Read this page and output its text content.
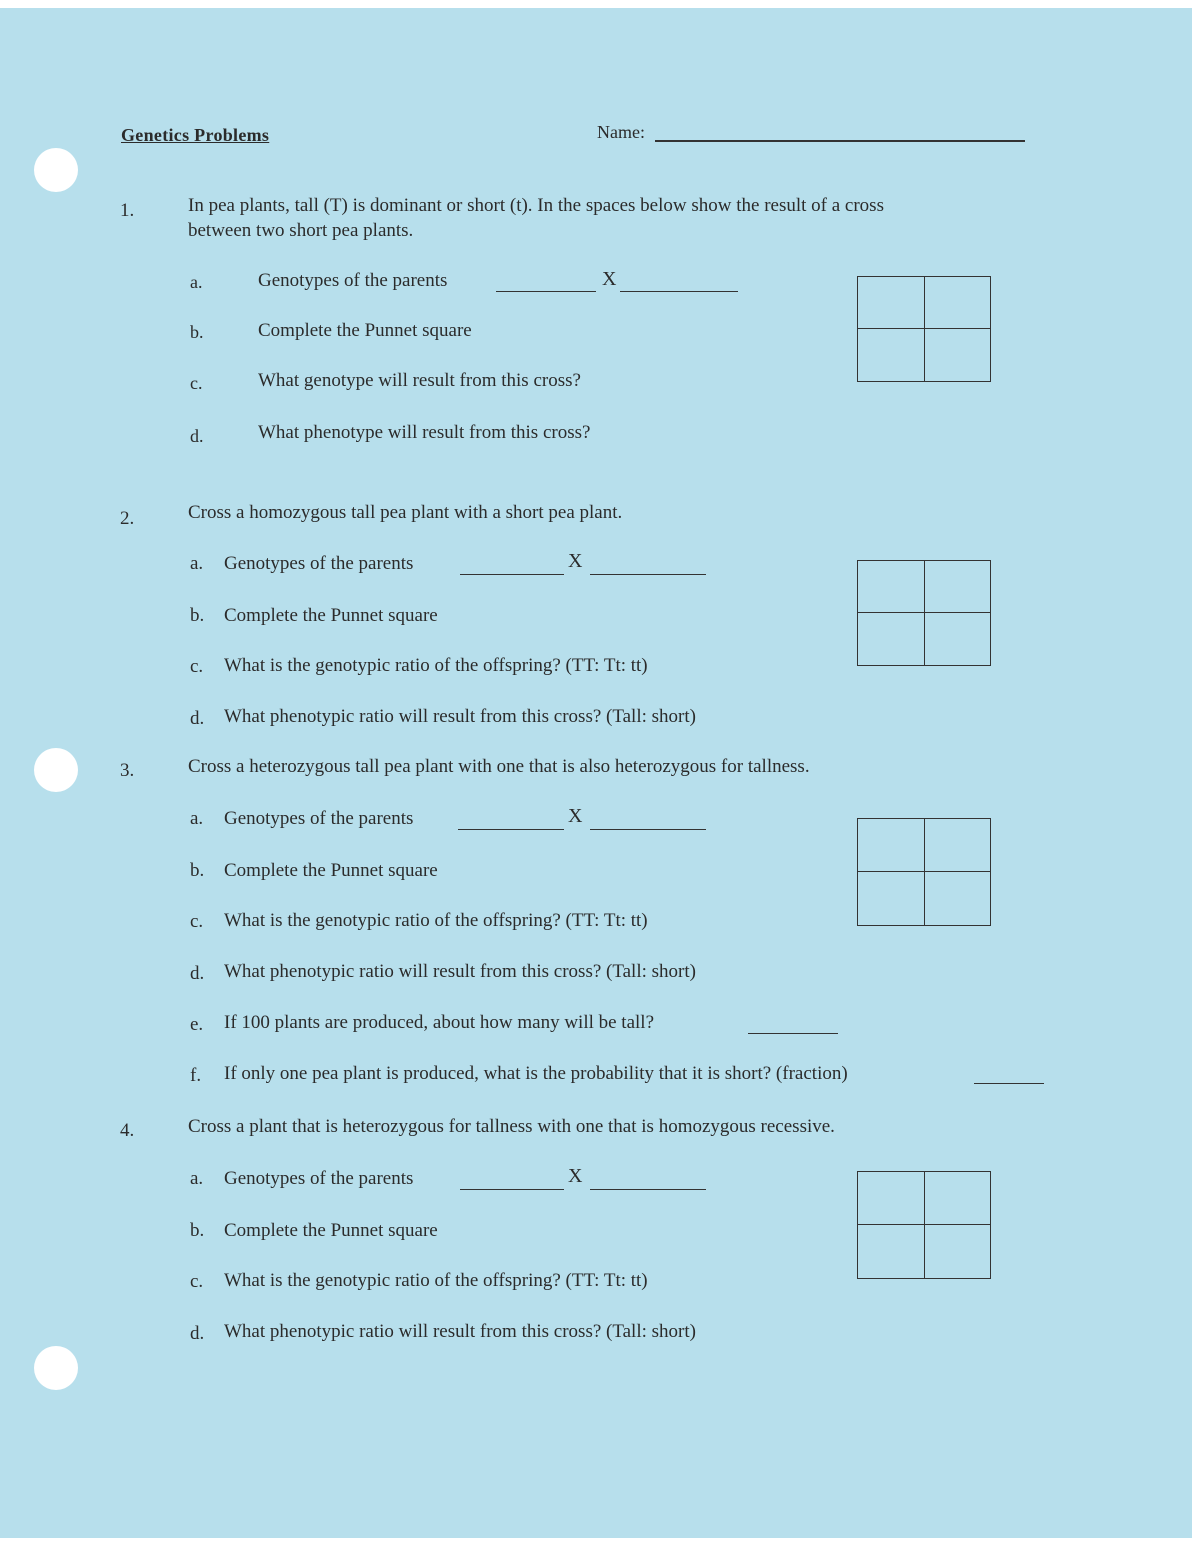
Genetics Problems	Name:
1.	In pea plants, tall (T) is dominant or short (t). In the spaces below show the result of a cross
between two short pea plants.
a.	Genotypes of the parents	X
b.	Complete the Punnet square
c.	What genotype will result from this cross?
d.	What phenotype will result from this cross?
2.	Cross a homozygous tall pea plant with a short pea plant.
a. Genotypes of the parents	X
b. Complete the Punnet square
c. What is the genotypic ratio of the offspring? (TT: Tt: tt)
d. What phenotypic ratio will result from this cross? (Tall: short)
3.	Cross a heterozygous tall pea plant with one that is also heterozygous for tallness.
a. Genotypes of the parents	X
b. Complete the Punnet square
c. What is the genotypic ratio of the offspring? (TT: Tt: tt)
d. What phenotypic ratio will result from this cross? (Tall: short)
e. If 100 plants are produced, about how many will be tall?
f. If only one pea plant is produced, what is the probability that it is short? (fraction)
4.	Cross a plant that is heterozygous for tallness with one that is homozygous recessive.
a. Genotypes of the parents	X
b. Complete the Punnet square
c. What is the genotypic ratio of the offspring? (TT: Tt: tt)
d. What phenotypic ratio will result from this cross? (Tall: short)
